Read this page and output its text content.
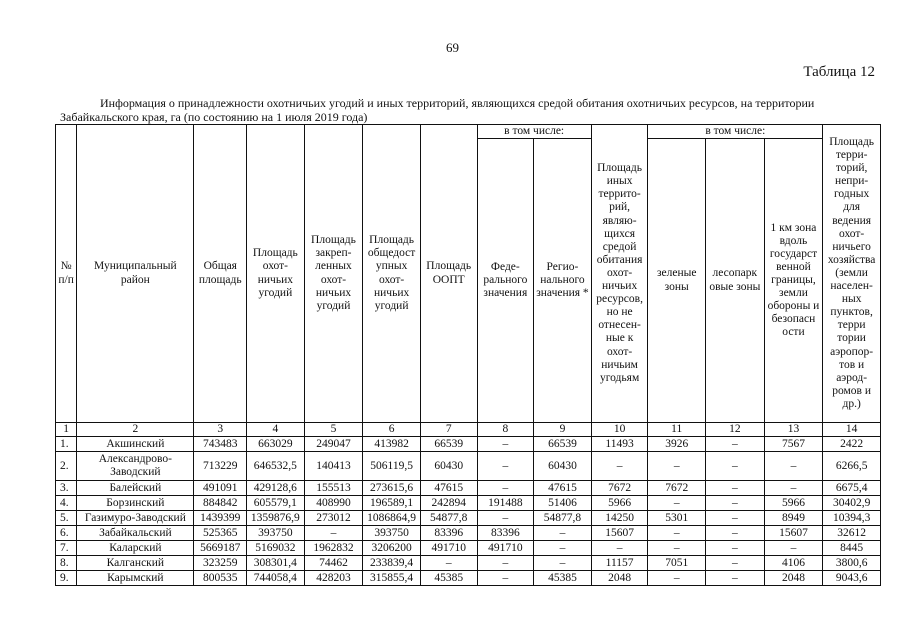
69
Таблица 12
Информация о принадлежности охотничьих угодий и иных территорий, являющихся средой обитания охотничьих ресурсов, на территории Забайкальского края, га (по состоянию на 1 июля 2019 года)
№ п/п	Муниципальный район	Общая площадь	Площадь охот-ничьих угодий	Площадь закреп-ленных охот-ничьих угодий	Площадь общедост упных охот-ничьих угодий	Площадь ООПТ	в том числе:		Площадь иных террито-рий, являю-щихся средой обитания охот-ничьих ресурсов, но не отнесен-ные к охот-ничьим угодьям	в том числе:			Площадь терри-торий, непри-годных для ведения охот-ничьего хозяйства (земли населен-ных пунктов, терри тории аэропор-тов и аэрод-ромов и др.)
							Феде-рального значения	Регио-нального значения *		зеленые зоны	лесопарк овые зоны	1 км зона вдоль государст венной границы, земли обороны и безопасн ости	
1	2	3	4	5	6	7	8	9	10	11	12	13	14
1.	Акшинский	743483	663029	249047	413982	66539	–	66539	11493	3926	–	7567	2422
2.	Александрово-Заводский	713229	646532,5	140413	506119,5	60430	–	60430	–	–	–	–	6266,5
3.	Балейский	491091	429128,6	155513	273615,6	47615	–	47615	7672	7672	–	–	6675,4
4.	Борзинский	884842	605579,1	408990	196589,1	242894	191488	51406	5966	–	–	5966	30402,9
5.	Газимуро-Заводский	1439399	1359876,9	273012	1086864,9	54877,8	–	54877,8	14250	5301	–	8949	10394,3
6.	Забайкальский	525365	393750	–	393750	83396	83396	–	15607	–	–	15607	32612
7.	Каларский	5669187	5169032	1962832	3206200	491710	491710	–	–	–	–	–	8445
8.	Калганский	323259	308301,4	74462	233839,4	–	–	–	11157	7051	–	4106	3800,6
9.	Карымский	800535	744058,4	428203	315855,4	45385	–	45385	2048	–	–	2048	9043,6
